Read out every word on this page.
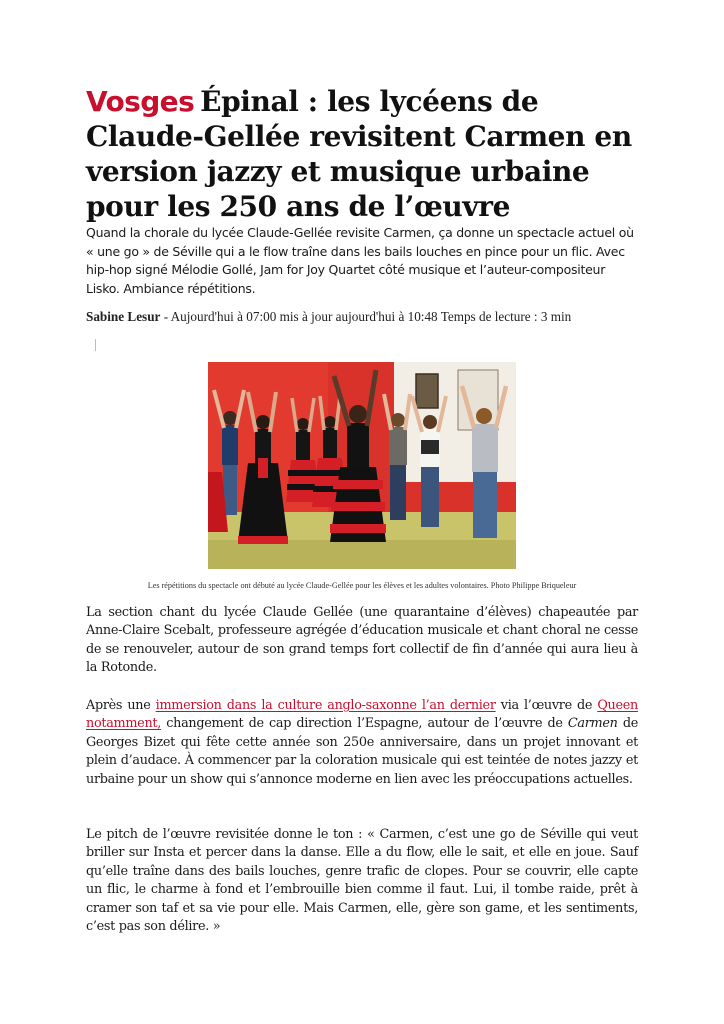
Vosges Épinal : les lycéens de Claude-Gellée revisitent Carmen en version jazzy et musique urbaine pour les 250 ans de l’œuvre

Quand la chorale du lycée Claude-Gellée revisite Carmen, ça donne un spectacle actuel où « une go » de Séville qui a le flow traîne dans les bails louches en pince pour un flic. Avec hip-hop signé Mélodie Gollé, Jam for Joy Quartet côté musique et l’auteur-compositeur Lisko. Ambiance répétitions.

Sabine Lesur - Aujourd'hui à 07:00 mis à jour aujourd'hui à 10:48 Temps de lecture : 3 min
Les répétitions du spectacle ont débuté au lycée Claude-Gellée pour les élèves et les adultes volontaires. Photo Philippe Briqueleur

La section chant du lycée Claude Gellée (une quarantaine d’élèves) chapeautée par Anne-Claire Scebalt, professeure agrégée d’éducation musicale et chant choral ne cesse de se renouveler, autour de son grand temps fort collectif de fin d’année qui aura lieu à la Rotonde.

Après une immersion dans la culture anglo-saxonne l’an dernier via l’œuvre de Queen notamment, changement de cap direction l’Espagne, autour de l’œuvre de Carmen de Georges Bizet qui fête cette année son 250e anniversaire, dans un projet innovant et plein d’audace. À commencer par la coloration musicale qui est teintée de notes jazzy et urbaine pour un show qui s’annonce moderne en lien avec les préoccupations actuelles.

Le pitch de l’œuvre revisitée donne le ton : « Carmen, c’est une go de Séville qui veut briller sur Insta et percer dans la danse. Elle a du flow, elle le sait, et elle en joue. Sauf qu’elle traîne dans des bails louches, genre trafic de clopes. Pour se couvrir, elle capte un flic, le charme à fond et l’embrouille bien comme il faut. Lui, il tombe raide, prêt à cramer son taf et sa vie pour elle. Mais Carmen, elle, gère son game, et les sentiments, c’est pas son délire. »
